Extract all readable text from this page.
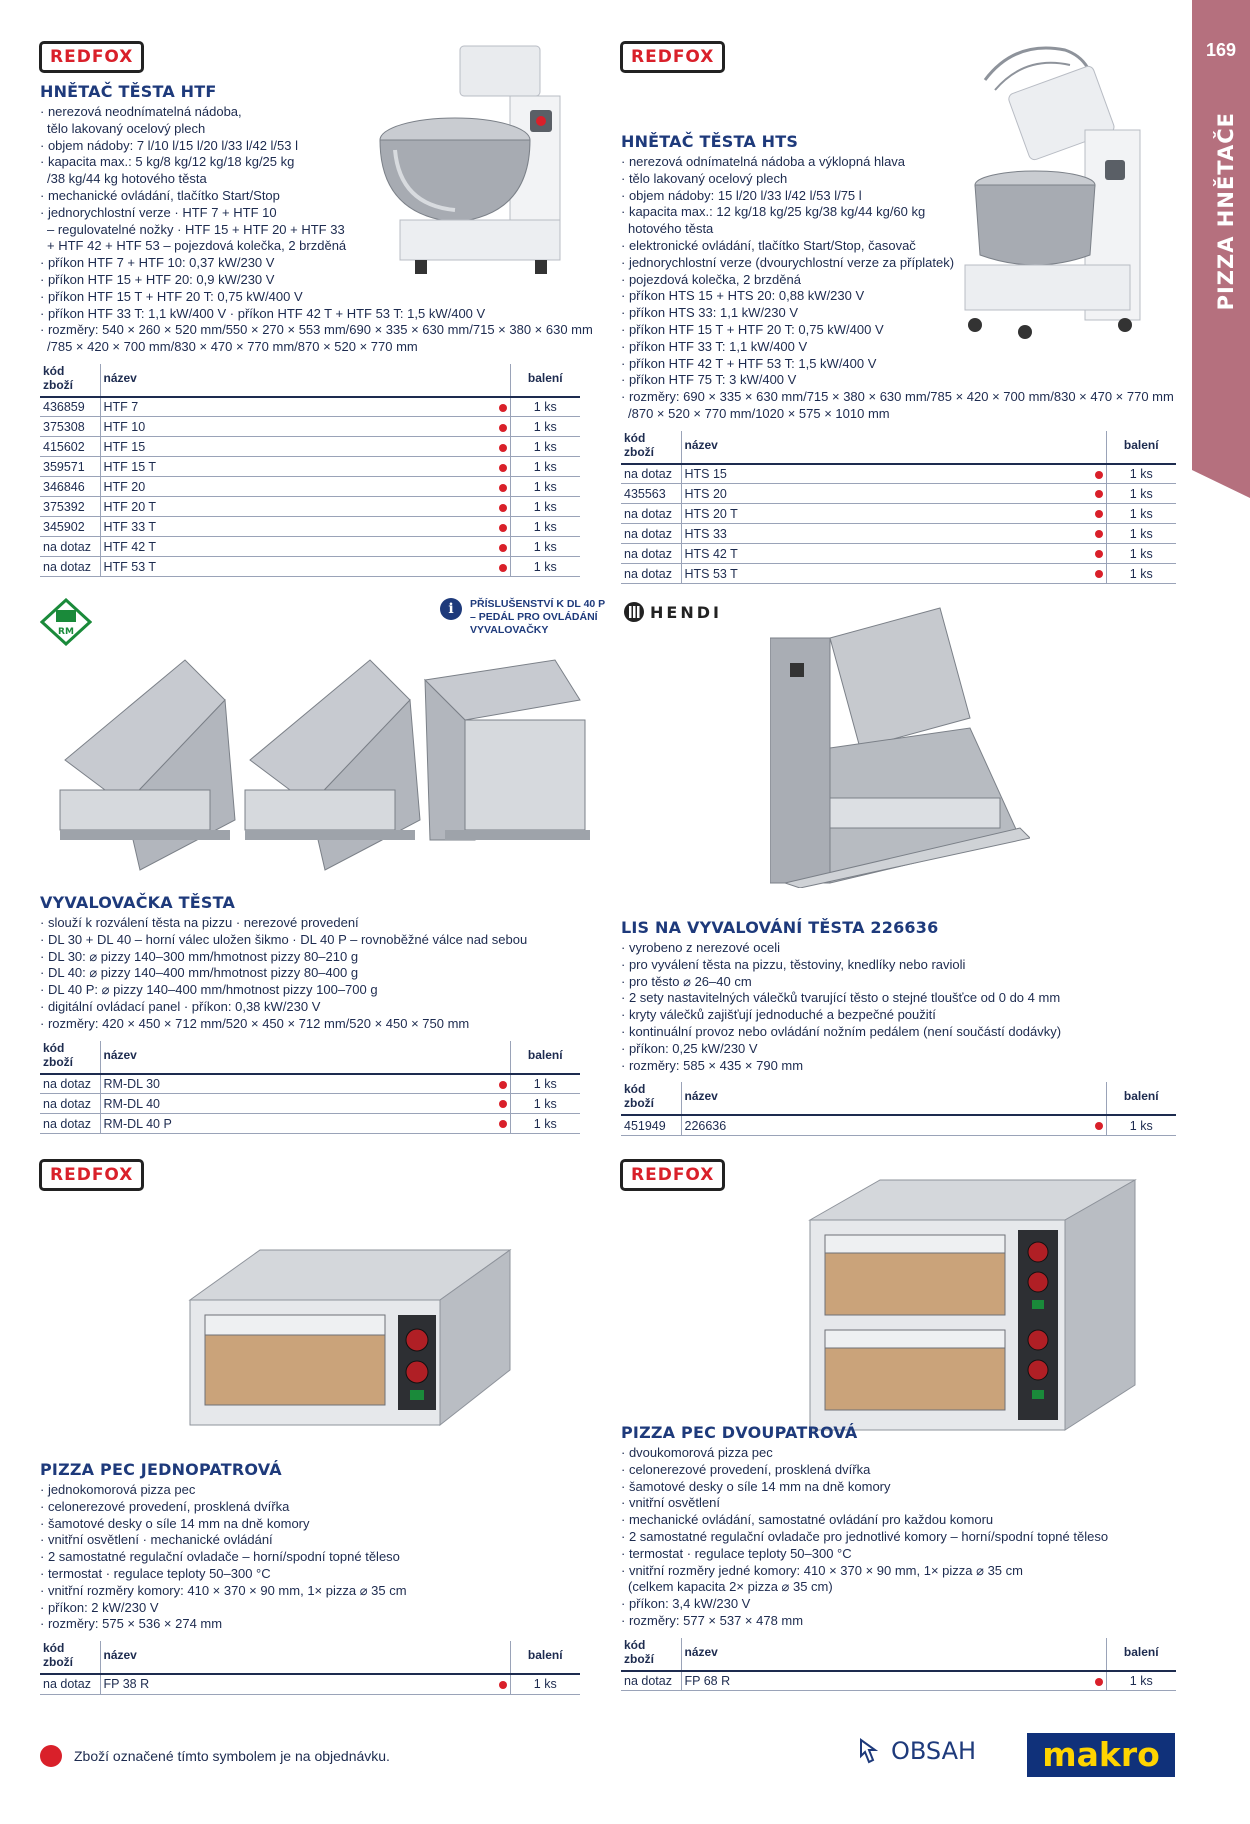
169
PIZZA HNĚTAČE
REDFOX
HNĚTAČ TĚSTA HTF
· nerezová neodnímatelná nádoba,
tělo lakovaný ocelový plech
· objem nádoby: 7 l/10 l/15 l/20 l/33 l/42 l/53 l
· kapacita max.: 5 kg/8 kg/12 kg/18 kg/25 kg
/38 kg/44 kg hotového těsta
· mechanické ovládání, tlačítko Start/Stop
· jednorychlostní verze · HTF 7 + HTF 10
– regulovatelné nožky · HTF 15 + HTF 20 + HTF 33
+ HTF 42 + HTF 53 – pojezdová kolečka, 2 brzděná
· příkon HTF 7 + HTF 10: 0,37 kW/230 V
· příkon HTF 15 + HTF 20: 0,9 kW/230 V
· příkon HTF 15 T + HTF 20 T: 0,75 kW/400 V
· příkon HTF 33 T: 1,1 kW/400 V · příkon HTF 42 T + HTF 53 T: 1,5 kW/400 V
· rozměry: 540 × 260 × 520 mm/550 × 270 × 553 mm/690 × 335 × 630 mm/715 × 380 × 630 mm
/785 × 420 × 700 mm/830 × 470 × 770 mm/870 × 520 × 770 mm
kód zboží	název		balení
436859	HTF 7		1 ks
375308	HTF 10		1 ks
415602	HTF 15		1 ks
359571	HTF 15 T		1 ks
346846	HTF 20		1 ks
375392	HTF 20 T		1 ks
345902	HTF 33 T		1 ks
na dotaz	HTF 42 T		1 ks
na dotaz	HTF 53 T		1 ks
REDFOX
HNĚTAČ TĚSTA HTS
· nerezová odnímatelná nádoba a výklopná hlava
· tělo lakovaný ocelový plech
· objem nádoby: 15 l/20 l/33 l/42 l/53 l/75 l
· kapacita max.: 12 kg/18 kg/25 kg/38 kg/44 kg/60 kg
hotového těsta
· elektronické ovládání, tlačítko Start/Stop, časovač
· jednorychlostní verze (dvourychlostní verze za příplatek)
· pojezdová kolečka, 2 brzděná
· příkon HTS 15 + HTS 20: 0,88 kW/230 V
· příkon HTS 33: 1,1 kW/230 V
· příkon HTF 15 T + HTF 20 T: 0,75 kW/400 V
· příkon HTF 33 T: 1,1 kW/400 V
· příkon HTF 42 T + HTF 53 T: 1,5 kW/400 V
· příkon HTF 75 T: 3 kW/400 V
· rozměry: 690 × 335 × 630 mm/715 × 380 × 630 mm/785 × 420 × 700 mm/830 × 470 × 770 mm
/870 × 520 × 770 mm/1020 × 575 × 1010 mm
kód zboží	název		balení
na dotaz	HTS 15		1 ks
435563	HTS 20		1 ks
na dotaz	HTS 20 T		1 ks
na dotaz	HTS 33		1 ks
na dotaz	HTS 42 T		1 ks
na dotaz	HTS 53 T		1 ks
RM
i	PŘÍSLUŠENSTVÍ K DL 40 P
– PEDÁL PRO OVLÁDÁNÍ
VYVALOVAČKY
VYVALOVAČKA TĚSTA
· slouží k rozválení těsta na pizzu · nerezové provedení
· DL 30 + DL 40 – horní válec uložen šikmo · DL 40 P – rovnoběžné válce nad sebou
· DL 30: ⌀ pizzy 140–300 mm/hmotnost pizzy 80–210 g
· DL 40: ⌀ pizzy 140–400 mm/hmotnost pizzy 80–400 g
· DL 40 P: ⌀ pizzy 140–400 mm/hmotnost pizzy 100–700 g
· digitální ovládací panel · příkon: 0,38 kW/230 V
· rozměry: 420 × 450 × 712 mm/520 × 450 × 712 mm/520 × 450 × 750 mm
kód zboží	název		balení
na dotaz	RM-DL 30		1 ks
na dotaz	RM-DL 40		1 ks
na dotaz	RM-DL 40 P		1 ks
HENDI
LIS NA VYVALOVÁNÍ TĚSTA 226636
· vyrobeno z nerezové oceli
· pro vyválení těsta na pizzu, těstoviny, knedlíky nebo ravioli
· pro těsto ⌀ 26–40 cm
· 2 sety nastavitelných válečků tvarující těsto o stejné tloušťce od 0 do 4 mm
· kryty válečků zajišťují jednoduché a bezpečné použití
· kontinuální provoz nebo ovládání nožním pedálem (není součástí dodávky)
· příkon: 0,25 kW/230 V
· rozměry: 585 × 435 × 790 mm
kód zboží	název		balení
451949	226636		1 ks
REDFOX
PIZZA PEC JEDNOPATROVÁ
· jednokomorová pizza pec
· celonerezové provedení, prosklená dvířka
· šamotové desky o síle 14 mm na dně komory
· vnitřní osvětlení · mechanické ovládání
· 2 samostatné regulační ovladače – horní/spodní topné těleso
· termostat · regulace teploty 50–300 °C
· vnitřní rozměry komory: 410 × 370 × 90 mm, 1× pizza ⌀ 35 cm
· příkon: 2 kW/230 V
· rozměry: 575 × 536 × 274 mm
kód zboží	název		balení
na dotaz	FP 38 R		1 ks
REDFOX
PIZZA PEC DVOUPATROVÁ
· dvoukomorová pizza pec
· celonerezové provedení, prosklená dvířka
· šamotové desky o síle 14 mm na dně komory
· vnitřní osvětlení
· mechanické ovládání, samostatné ovládání pro každou komoru
· 2 samostatné regulační ovladače pro jednotlivé komory – horní/spodní topné těleso
· termostat · regulace teploty 50–300 °C
· vnitřní rozměry jedné komory: 410 × 370 × 90 mm, 1× pizza ⌀ 35 cm
(celkem kapacita 2× pizza ⌀ 35 cm)
· příkon: 3,4 kW/230 V
· rozměry: 577 × 537 × 478 mm
kód zboží	název		balení
na dotaz	FP 68 R		1 ks
Zboží označené tímto symbolem je na objednávku.	OBSAH	makro
